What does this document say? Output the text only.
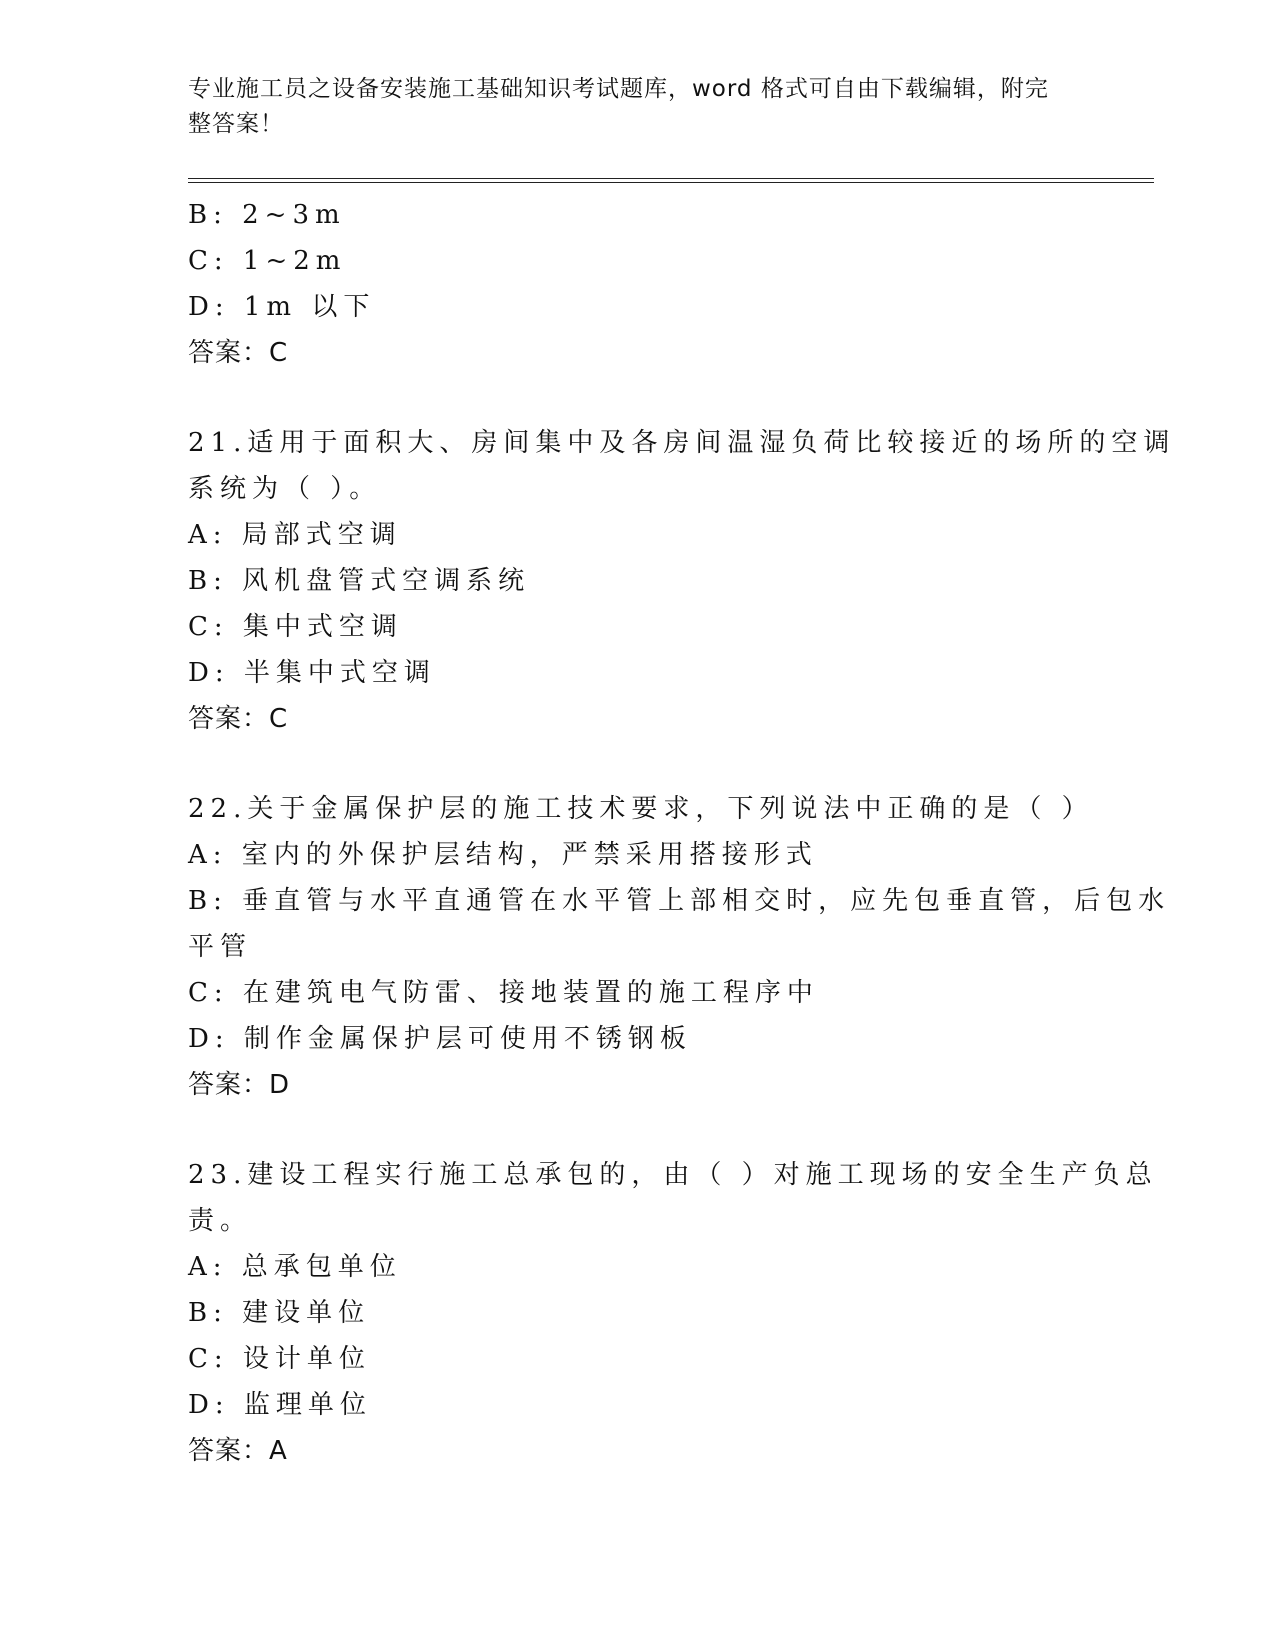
专业施工员之设备安装施工基础知识考试题库，word 格式可自由下载编辑，附完
整答案！
B: 2~3m
C: 1~2m
D: 1m 以下
答案：C
21.适用于面积大、房间集中及各房间温湿负荷比较接近的场所的空调
系统为（ ）。
A: 局部式空调
B: 风机盘管式空调系统
C: 集中式空调
D: 半集中式空调
答案：C
22.关于金属保护层的施工技术要求，下列说法中正确的是（ ）
A: 室内的外保护层结构，严禁采用搭接形式
B: 垂直管与水平直通管在水平管上部相交时，应先包垂直管，后包水
平管
C: 在建筑电气防雷、接地装置的施工程序中
D: 制作金属保护层可使用不锈钢板
答案：D
23.建设工程实行施工总承包的，由（ ）对施工现场的安全生产负总
责。
A: 总承包单位
B: 建设单位
C: 设计单位
D: 监理单位
答案：A
